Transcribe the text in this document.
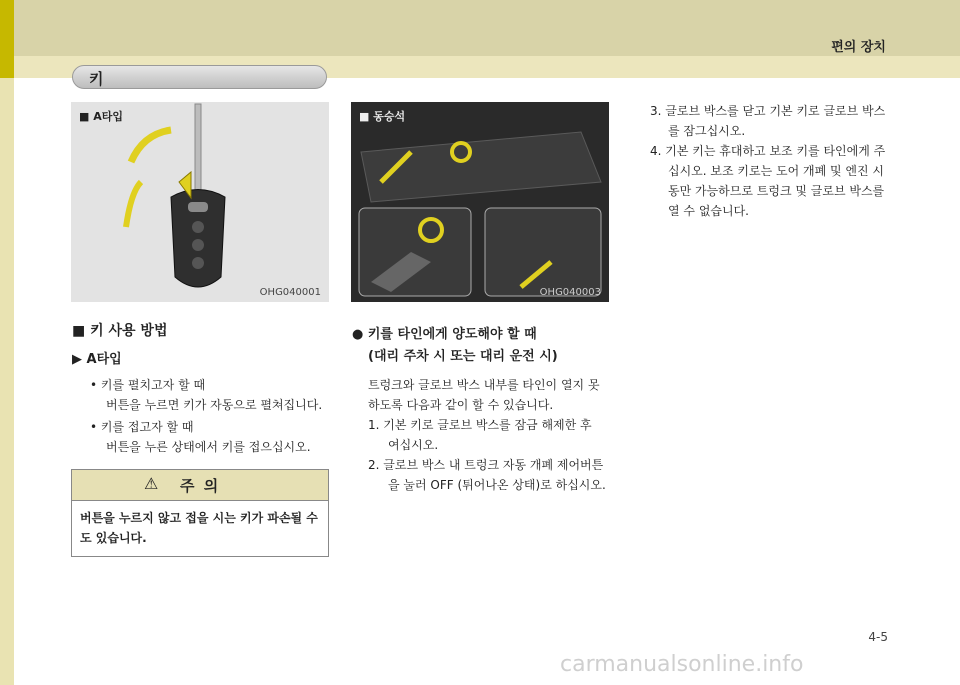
편의 장치
키
■ A타입
OHG040001
■ 동승석
OHG040003
■ 키 사용 방법
▶ A타입
• 키를 펼치고자 할 때
버튼을 누르면 키가 자동으로 펼쳐집니다.
• 키를 접고자 할 때
버튼을 누른 상태에서 키를 접으십시오.
⚠ 주 의
버튼을 누르지 않고 접을 시는 키가 파손될 수
도 있습니다.
● 키를 타인에게 양도해야 할 때
(대리 주차 시 또는 대리 운전 시)
트렁크와 글로브 박스 내부를 타인이 열지 못
하도록 다음과 같이 할 수 있습니다.
1. 기본 키로 글로브 박스를 잠금 해제한 후
여십시오.
2. 글로브 박스 내 트렁크 자동 개폐 제어버튼
을 눌러 OFF (튀어나온 상태)로 하십시오.
3. 글로브 박스를 닫고 기본 키로 글로브 박스
를 잠그십시오.
4. 기본 키는 휴대하고 보조 키를 타인에게 주
십시오. 보조 키로는 도어 개폐 및 엔진 시
동만 가능하므로 트렁크 및 글로브 박스를
열 수 없습니다.
4-5
carmanualsonline.info
